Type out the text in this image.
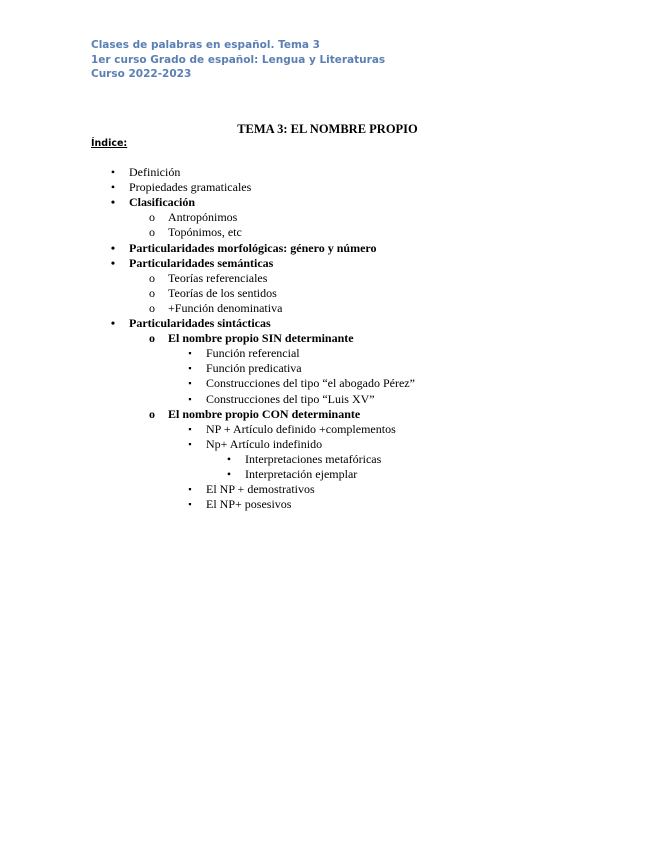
Clases de palabras en español. Tema 3
1er curso Grado de español: Lengua y Literaturas
Curso 2022-2023
TEMA 3: EL NOMBRE PROPIO
Índice:
•	Definición
•	Propiedades gramaticales
•	Clasificación
o Antropónimos
o Topónimos, etc
•	Particularidades morfológicas: género y número
•	Particularidades semánticas
o Teorías referenciales
o Teorías de los sentidos
o +Función denominativa
•	Particularidades sintácticas
o El nombre propio SIN determinante
▪	Función referencial
▪	Función predicativa
▪	Construcciones del tipo “el abogado Pérez”
▪	Construcciones del tipo “Luis XV”
o El nombre propio CON determinante
▪	NP + Artículo definido +complementos
▪	Np+ Artículo indefinido
•	Interpretaciones metafóricas
•	Interpretación ejemplar
▪	El NP + demostrativos
▪	El NP+ posesivos
